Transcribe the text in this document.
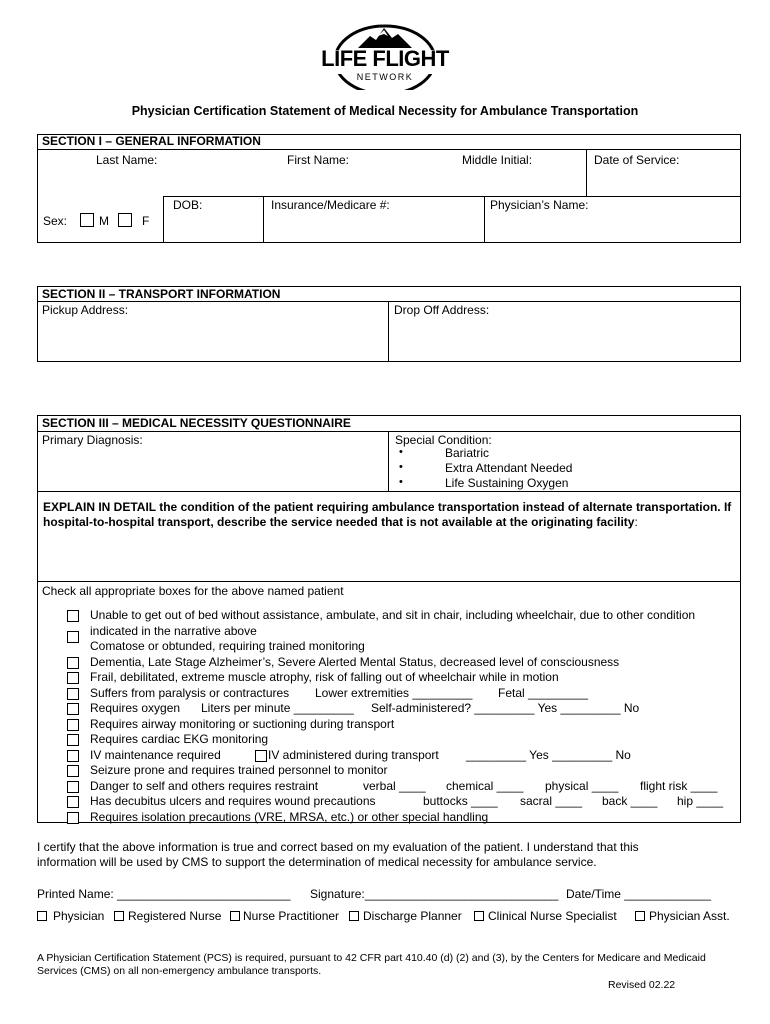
LIFE FLIGHT
NETWORK
Physician Certification Statement of Medical Necessity for Ambulance Transportation
SECTION I – GENERAL INFORMATION
Last Name:	First Name:	Middle Initial:	Date of Service:
Sex:	M	F
DOB:	Insurance/Medicare #:	Physician’s Name:
SECTION II – TRANSPORT INFORMATION
Pickup Address:	Drop Off Address:
SECTION III – MEDICAL NECESSITY QUESTIONNAIRE
Primary Diagnosis:	Special Condition:
•	Bariatric
•	Extra Attendant Needed
•	Life Sustaining Oxygen
EXPLAIN IN DETAIL the condition of the patient requiring ambulance transportation instead of alternate transportation. If hospital-to-hospital transport, describe the service needed that is not available at the originating facility:
Check all appropriate boxes for the above named patient
Unable to get out of bed without assistance, ambulate, and sit in chair, including wheelchair, due to other condition
indicated in the narrative above
Comatose or obtunded, requiring trained monitoring
Dementia, Late Stage Alzheimer’s, Severe Alerted Mental Status, decreased level of consciousness
Frail, debilitated, extreme muscle atrophy, risk of falling out of wheelchair while in motion
Suffers from paralysis or contractures Lower extremities _________ Fetal _________
Requires oxygen Liters per minute _________ Self-administered? _________ Yes _________ No
Requires airway monitoring or suctioning during transport
Requires cardiac EKG monitoring
IV maintenance required	IV administered during transport _________ Yes _________ No
Seizure prone and requires trained personnel to monitor
Danger to self and others requires restraint	verbal ____ chemical ____ physical ____ flight risk ____
Has decubitus ulcers and requires wound precautions	buttocks ____ sacral ____ back ____ hip ____
Requires isolation precautions (VRE, MRSA, etc.) or other special handling
I certify that the above information is true and correct based on my evaluation of the patient. I understand that this information will be used by CMS to support the determination of medical necessity for ambulance service.
Printed Name: __________________________ Signature:_____________________________ Date/Time _____________
Physician Registered Nurse Nurse Practitioner Discharge Planner Clinical Nurse Specialist	Physician Asst.
A Physician Certification Statement (PCS) is required, pursuant to 42 CFR part 410.40 (d) (2) and (3), by the Centers for Medicare and Medicaid Services (CMS) on all non-emergency ambulance transports.
Revised 02.22
